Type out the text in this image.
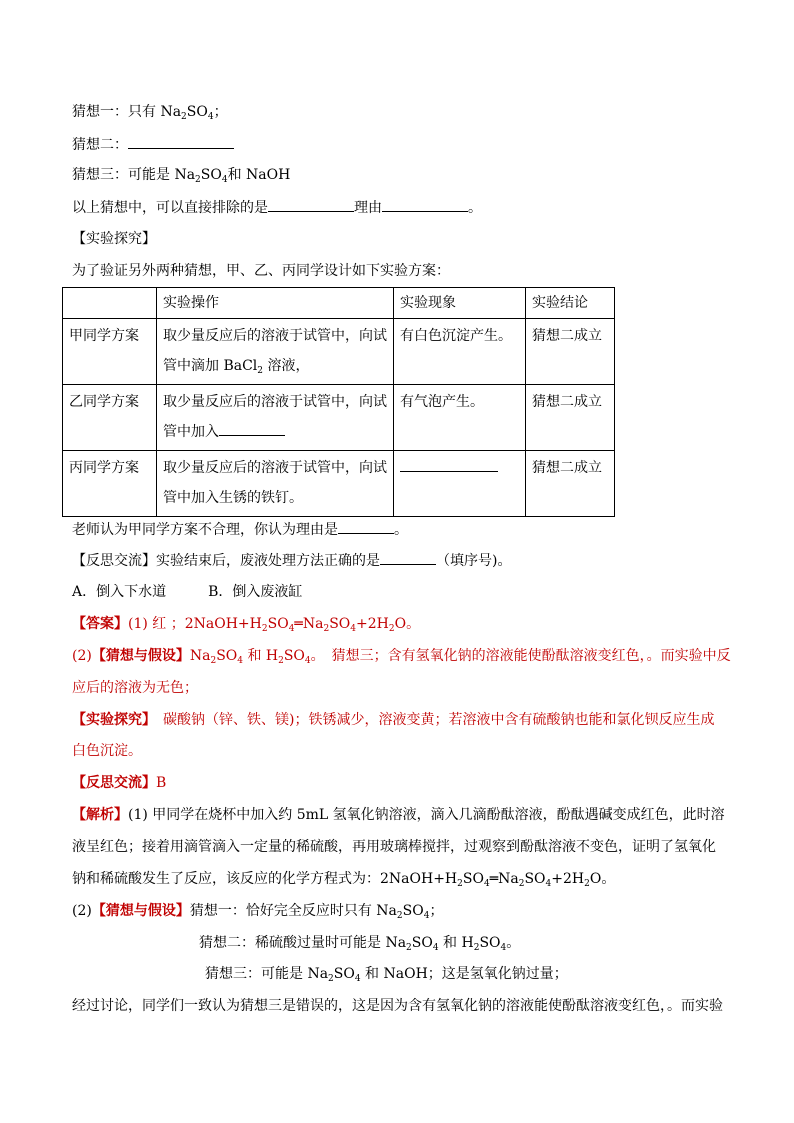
猜想一：只有 $Na_2SO_4$；
猜想二：
猜想三：可能是 $Na_2SO_4$和 NaOH
以上猜想中，可以直接排除的是	理由	。
【实验探究】
为了验证另外两种猜想，甲、乙、丙同学设计如下实验方案：
	实验操作	实验现象	实验结论
甲同学方案	取少量反应后的溶液于试管中，向试
管中滴加 BaCl$_2$ 溶液，	有白色沉淀产生。	猜想二成立
乙同学方案	取少量反应后的溶液于试管中，向试
管中加入	有气泡产生。	猜想二成立
丙同学方案	取少量反应后的溶液于试管中，向试
管中加入生锈的铁钉。		猜想二成立
老师认为甲同学方案不合理，你认为理由是	。
【反思交流】实验结束后，废液处理方法正确的是	（填序号)。
A．倒入下水道　　　B．倒入废液缸
【答案】(1) 红 ；$2NaOH+H_2SO_4═Na_2SO_4+2H_2O$。
(2)【猜想与假设】$Na_2SO_4$ 和 $H_2SO_4$。　猜想三；含有氢氧化钠的溶液能使酚酞溶液变红色，。而实验中反
应后的溶液为无色；
【实验探究】　碳酸钠（锌、铁、镁)；铁锈减少，溶液变黄；若溶液中含有硫酸钠也能和氯化钡反应生成
白色沉淀。
【反思交流】B
【解析】(1) 甲同学在烧杯中加入约 5mL 氢氧化钠溶液，滴入几滴酚酞溶液，酚酞遇碱变成红色，此时溶
液呈红色；接着用滴管滴入一定量的稀硫酸，再用玻璃棒搅拌，过观察到酚酞溶液不变色，证明了氢氧化
钠和稀硫酸发生了反应，该反应的化学方程式为：$2NaOH+H_2SO_4═Na_2SO_4+2H_2O$。
(2)【猜想与假设】猜想一：恰好完全反应时只有 $Na_2SO_4$；
猜想二：稀硫酸过量时可能是 $Na_2SO_4$ 和 $H_2SO_4$。
猜想三：可能是 $Na_2SO_4$ 和 NaOH；这是氢氧化钠过量；
经过讨论，同学们一致认为猜想三是错误的，这是因为含有氢氧化钠的溶液能使酚酞溶液变红色，。而实验
